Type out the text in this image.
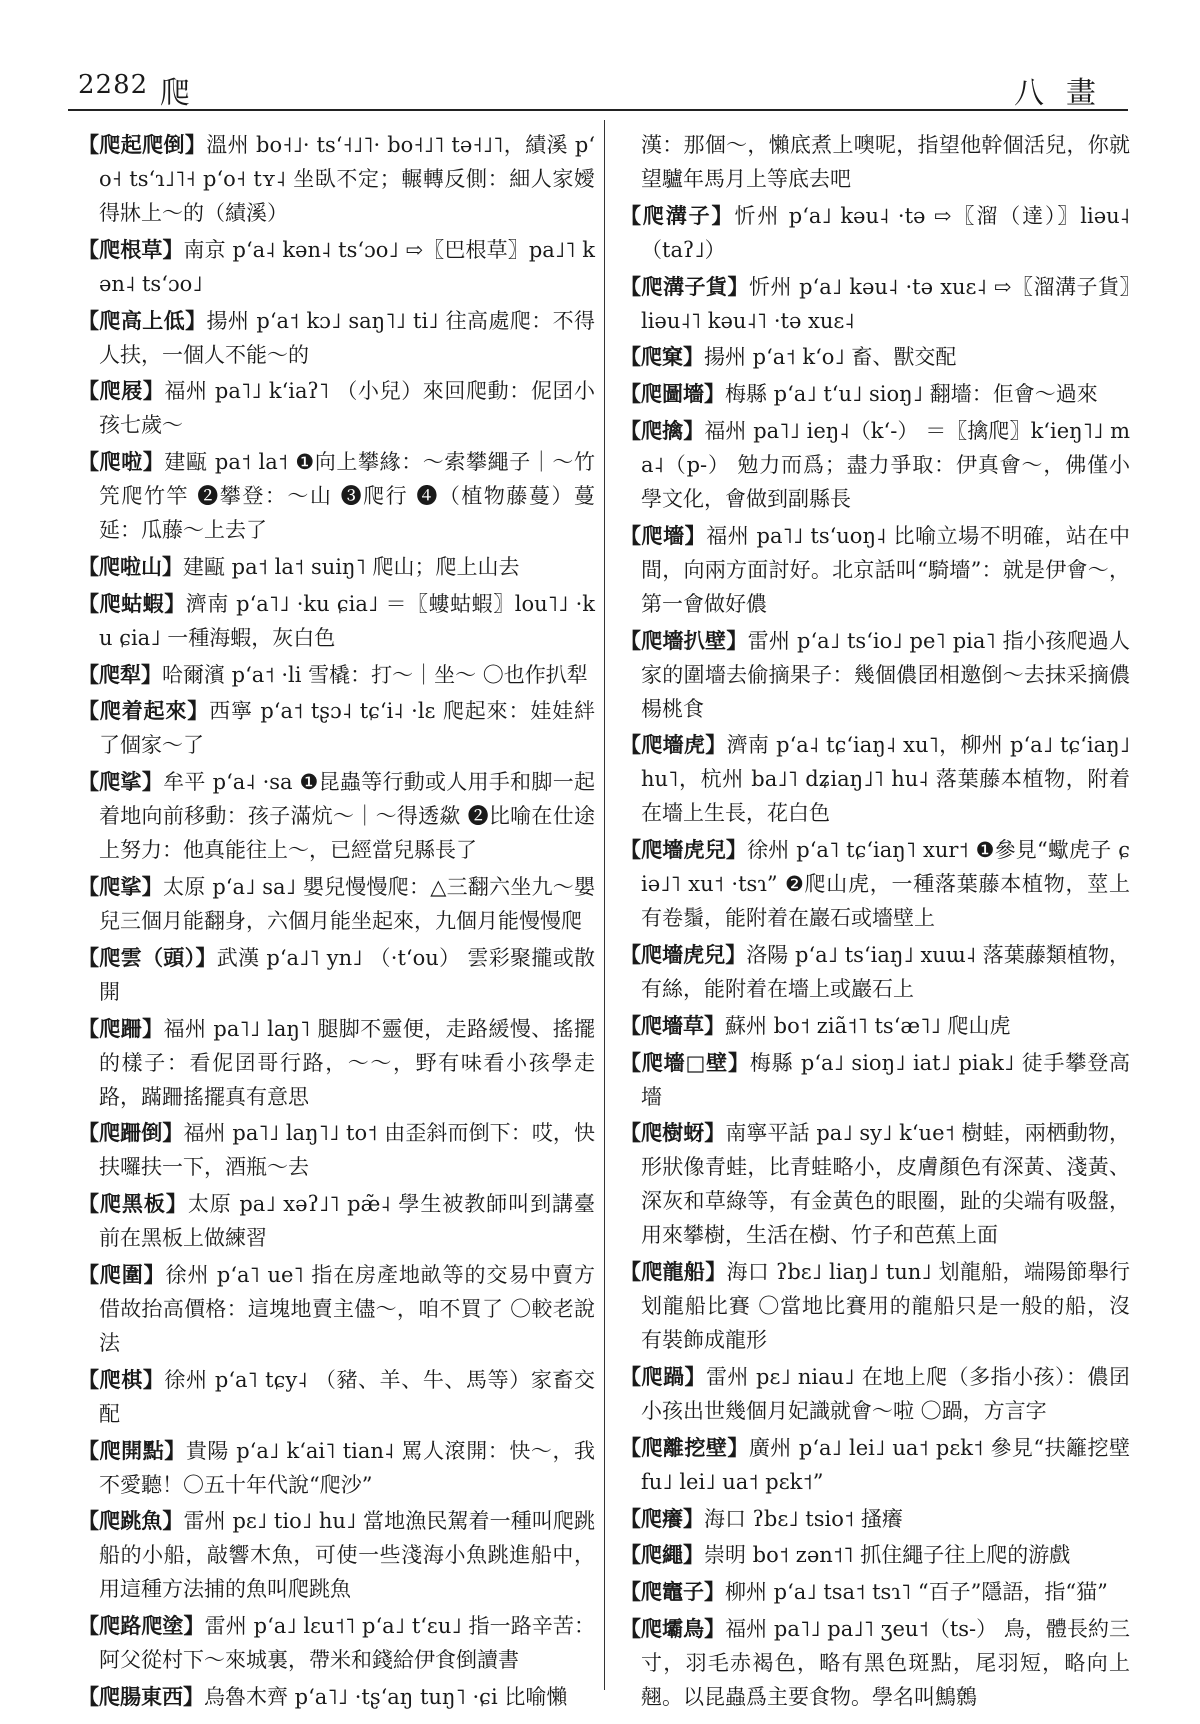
2282 爬	八畫
【爬起爬倒】溫州 bo˧˩· tsʻ˧˩˥· bo˧˩˥ tə˧˩˥，績溪 pʻo˧ tsʻɿ˩˥˧ pʻo˧ tʏ˨ 坐臥不定；輾轉反側：細人家嬡得牀上～的（績溪）
【爬根草】南京 pʻa˨ kən˨ tsʻɔo˩ ⇨〖巴根草〗pa˩˥ kən˨ tsʻɔo˩
【爬高上低】揚州 pʻa˦ kɔ˩ saŋ˥˩ ti˩ 往高處爬：不得人扶，一個人不能～的
【爬屐】福州 pa˥˩ kʻiaʔ˥ （小兒）來回爬動：伲囝小孩七歲～
【爬啦】建甌 pa˦ la˦ ❶向上攀緣：～索攀繩子｜～竹笐爬竹竿 ❷攀登：～山 ❸爬行 ❹（植物藤蔓）蔓延：瓜藤～上去了
【爬啦山】建甌 pa˦ la˦ suiŋ˥ 爬山；爬上山去
【爬蛄蝦】濟南 pʻa˥˩ ·ku ɕia˩ ＝〖螻蛄蝦〗lou˥˩ ·ku ɕia˩ 一種海蝦，灰白色
【爬犁】哈爾濱 pʻa˦ ·li 雪橇：打～｜坐～ 〇也作扒犁
【爬着起來】西寧 pʻa˦ tʂɔ˨ tɕʻi˨ ·lɛ 爬起來：娃娃絆了個家～了
【爬挲】牟平 pʻa˨ ·sa ❶昆蟲等行動或人用手和脚一起着地向前移動：孩子滿炕～｜～得透歘 ❷比喻在仕途上努力：他真能往上～，已經當兒縣長了
【爬挲】太原 pʻa˩ sa˩ 嬰兒慢慢爬：△三翻六坐九～嬰兒三個月能翻身，六個月能坐起來，九個月能慢慢爬
【爬雲（頭）】武漢 pʻa˩˥ yn˩ （·tʻou） 雲彩聚攏或散開
【爬跚】福州 pa˥˩ laŋ˥ 腿脚不靈便，走路緩慢、搖擺的樣子：看伲囝哥行路，～～，野有味看小孩學走路，蹣跚搖擺真有意思
【爬跚倒】福州 pa˥˩ laŋ˥˩ to˦ 由歪斜而倒下：哎，快扶囉扶一下，酒瓶～去
【爬黑板】太原 pa˩ xəʔ˩˥ pæ̃˨ 學生被教師叫到講臺前在黑板上做練習
【爬圍】徐州 pʻa˥ ue˥ 指在房產地畝等的交易中賣方借故抬高價格：這塊地賣主儘～，咱不買了 〇較老說法
【爬棋】徐州 pʻa˥ tɕy˨ （豬、羊、牛、馬等）家畜交配
【爬開點】貴陽 pʻa˩ kʻai˥ tian˨ 罵人滾開：快～，我不愛聽！〇五十年代說“爬沙”
【爬跳魚】雷州 pɛ˩ tio˩ hu˩ 當地漁民駕着一種叫爬跳船的小船，敲響木魚，可使一些淺海小魚跳進船中，用這種方法捕的魚叫爬跳魚
【爬路爬塗】雷州 pʻa˩ lɛu˦˥ pʻa˩ tʻɛu˩ 指一路辛苦：阿父從村下～來城裏，帶米和錢給伊食倒讀書
【爬腸東西】烏魯木齊 pʻa˥˩ ·tʂʻaŋ tuŋ˥ ·ɕi 比喻懶
漢：那個～，懶底煮上噢呢，指望他幹個活兒，你就望驢年馬月上等底去吧
【爬溝子】忻州 pʻa˩ kəu˨ ·tə ⇨〖溜（達）〗liəu˨ （taʔ˩）
【爬溝子貨】忻州 pʻa˩ kəu˨ ·tə xuɛ˨ ⇨〖溜溝子貨〗liəu˨˥ kəu˨˥ ·tə xuɛ˨
【爬窠】揚州 pʻa˦ kʻo˩ 畜、獸交配
【爬圖墻】梅縣 pʻa˩ tʻu˩ sioŋ˩ 翻墻：佢會～過來
【爬擒】福州 pa˥˩ ieŋ˨（kʻ-） ＝〖擒爬〗kʻieŋ˥˩ ma˨（p-） 勉力而爲；盡力爭取：伊真會～，佛僅小學文化，會做到副縣長
【爬墻】福州 pa˥˩ tsʻuoŋ˨ 比喻立場不明確，站在中間，向兩方面討好。北京話叫“騎墻”：就是伊會～，第一會做好儂
【爬墻扒壁】雷州 pʻa˩ tsʻio˩ pe˥ pia˥ 指小孩爬過人家的圍墻去偷摘果子：幾個儂囝相邀倒～去抹采摘儂楊桃食
【爬墻虎】濟南 pʻa˨ tɕʻiaŋ˨ xu˥，柳州 pʻa˩ tɕʻiaŋ˩ hu˥，杭州 ba˩˥ dʑiaŋ˩˥ hu˨ 落葉藤本植物，附着在墻上生長，花白色
【爬墻虎兒】徐州 pʻa˥ tɕʻiaŋ˥ xur˦ ❶參見“蠍虎子 ɕiə˩˥ xu˦ ·tsɿ” ❷爬山虎，一種落葉藤本植物，莖上有卷鬚，能附着在巖石或墻壁上
【爬墻虎兒】洛陽 pʻa˩ tsʻiaŋ˩ xuɯ˨ 落葉藤類植物，有絲，能附着在墻上或巖石上
【爬墻草】蘇州 bo˦ ziã˦˥ tsʻæ˥˩ 爬山虎
【爬墻□壁】梅縣 pʻa˩ sioŋ˩ iat˩ piak˩ 徒手攀登高墻
【爬樹蚜】南寧平話 pa˩ sy˩ kʻue˦ 樹蛙，兩栖動物，形狀像青蛙，比青蛙略小，皮膚顏色有深黃、淺黃、深灰和草綠等，有金黃色的眼圈，趾的尖端有吸盤，用來攀樹，生活在樹、竹子和芭蕉上面
【爬龍船】海口 ʔbɛ˩ liaŋ˩ tun˩ 划龍船，端陽節舉行划龍船比賽 〇當地比賽用的龍船只是一般的船，沒有裝飾成龍形
【爬踻】雷州 pɛ˩ niau˩ 在地上爬（多指小孩）：儂囝小孩出世幾個月妃識就會～啦 〇踻，方言字
【爬離挖壁】廣州 pʻa˩ lei˩ ua˦ pɛk˦ 參見“扶籬挖壁 fu˩ lei˩ ua˦ pɛk˦”
【爬癢】海口 ʔbɛ˩ tsio˦ 搔癢
【爬繩】崇明 bo˦ zən˦˥ 抓住繩子往上爬的游戲
【爬竈子】柳州 pʻa˩ tsa˦ tsɿ˥ “百子”隱語，指“猫”
【爬壩鳥】福州 pa˥˩ pa˩˥ ʒeu˦（ts-） 鳥，體長約三寸，羽毛赤褐色，略有黑色斑點，尾羽短，略向上翹。以昆蟲爲主要食物。學名叫鷦鷯
